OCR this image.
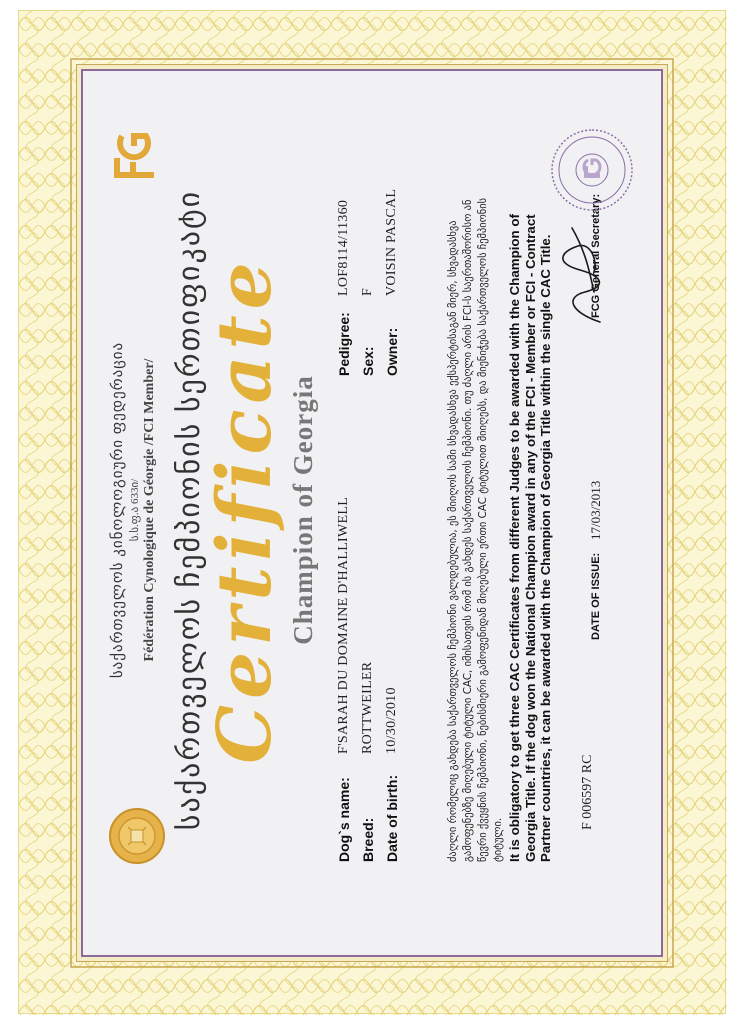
საქართველოს კინოლოგიური ფედერაცია ს.ს.ფ.ა 633ი/ Fédération Cynologique de Géorgie /FCI Member/ საქართველოს ჩემპიონის სერთიფიკატი
Certificate Champion of Georgia
Dog`s name:
F'SARAH DU DOMAINE D'HALLIWELL
Breed:
ROTTWEILER
Date of birth:
10/30/2010
Pedigree:
LOF8114/11360
Sex:
F
Owner:
VOISIN PASCAL	ძაღლი რომელიც გახდება საქართველოს ჩემპიონი ვალდებულია, ეს მიიღოს სამი სხვადასხვა ექსპერტისაგან მიერ, სხვადასხვა გამოფენებზე მიღებული ტიტული CAC, იმისათვის რომ ის გახდეს საქართველოს ჩემპიონი. თუ ძაღლი არის FCI-ს საერთაშორისო ან წევრი ქვეყნის ჩემპიონი, ნებისმიერი გამოფენიდან მიღებული ერთი CAC ტიტულით მიიღებს, და მიენიჭება საქართველოს ჩემპიონის ტიტული. It is obligatory to get three CAC Certificates from different Judges to be awarded with the Champion of Georgia Title. If the dog won the National Champion award in any of the FCI - Member or FCI - Contract Partner countries, it can be awarded with the Champion of Georgia Title within the single CAC Title. F 006597 RC
DATE OF ISSUE:
17/03/2013
FCG General Secretary:
